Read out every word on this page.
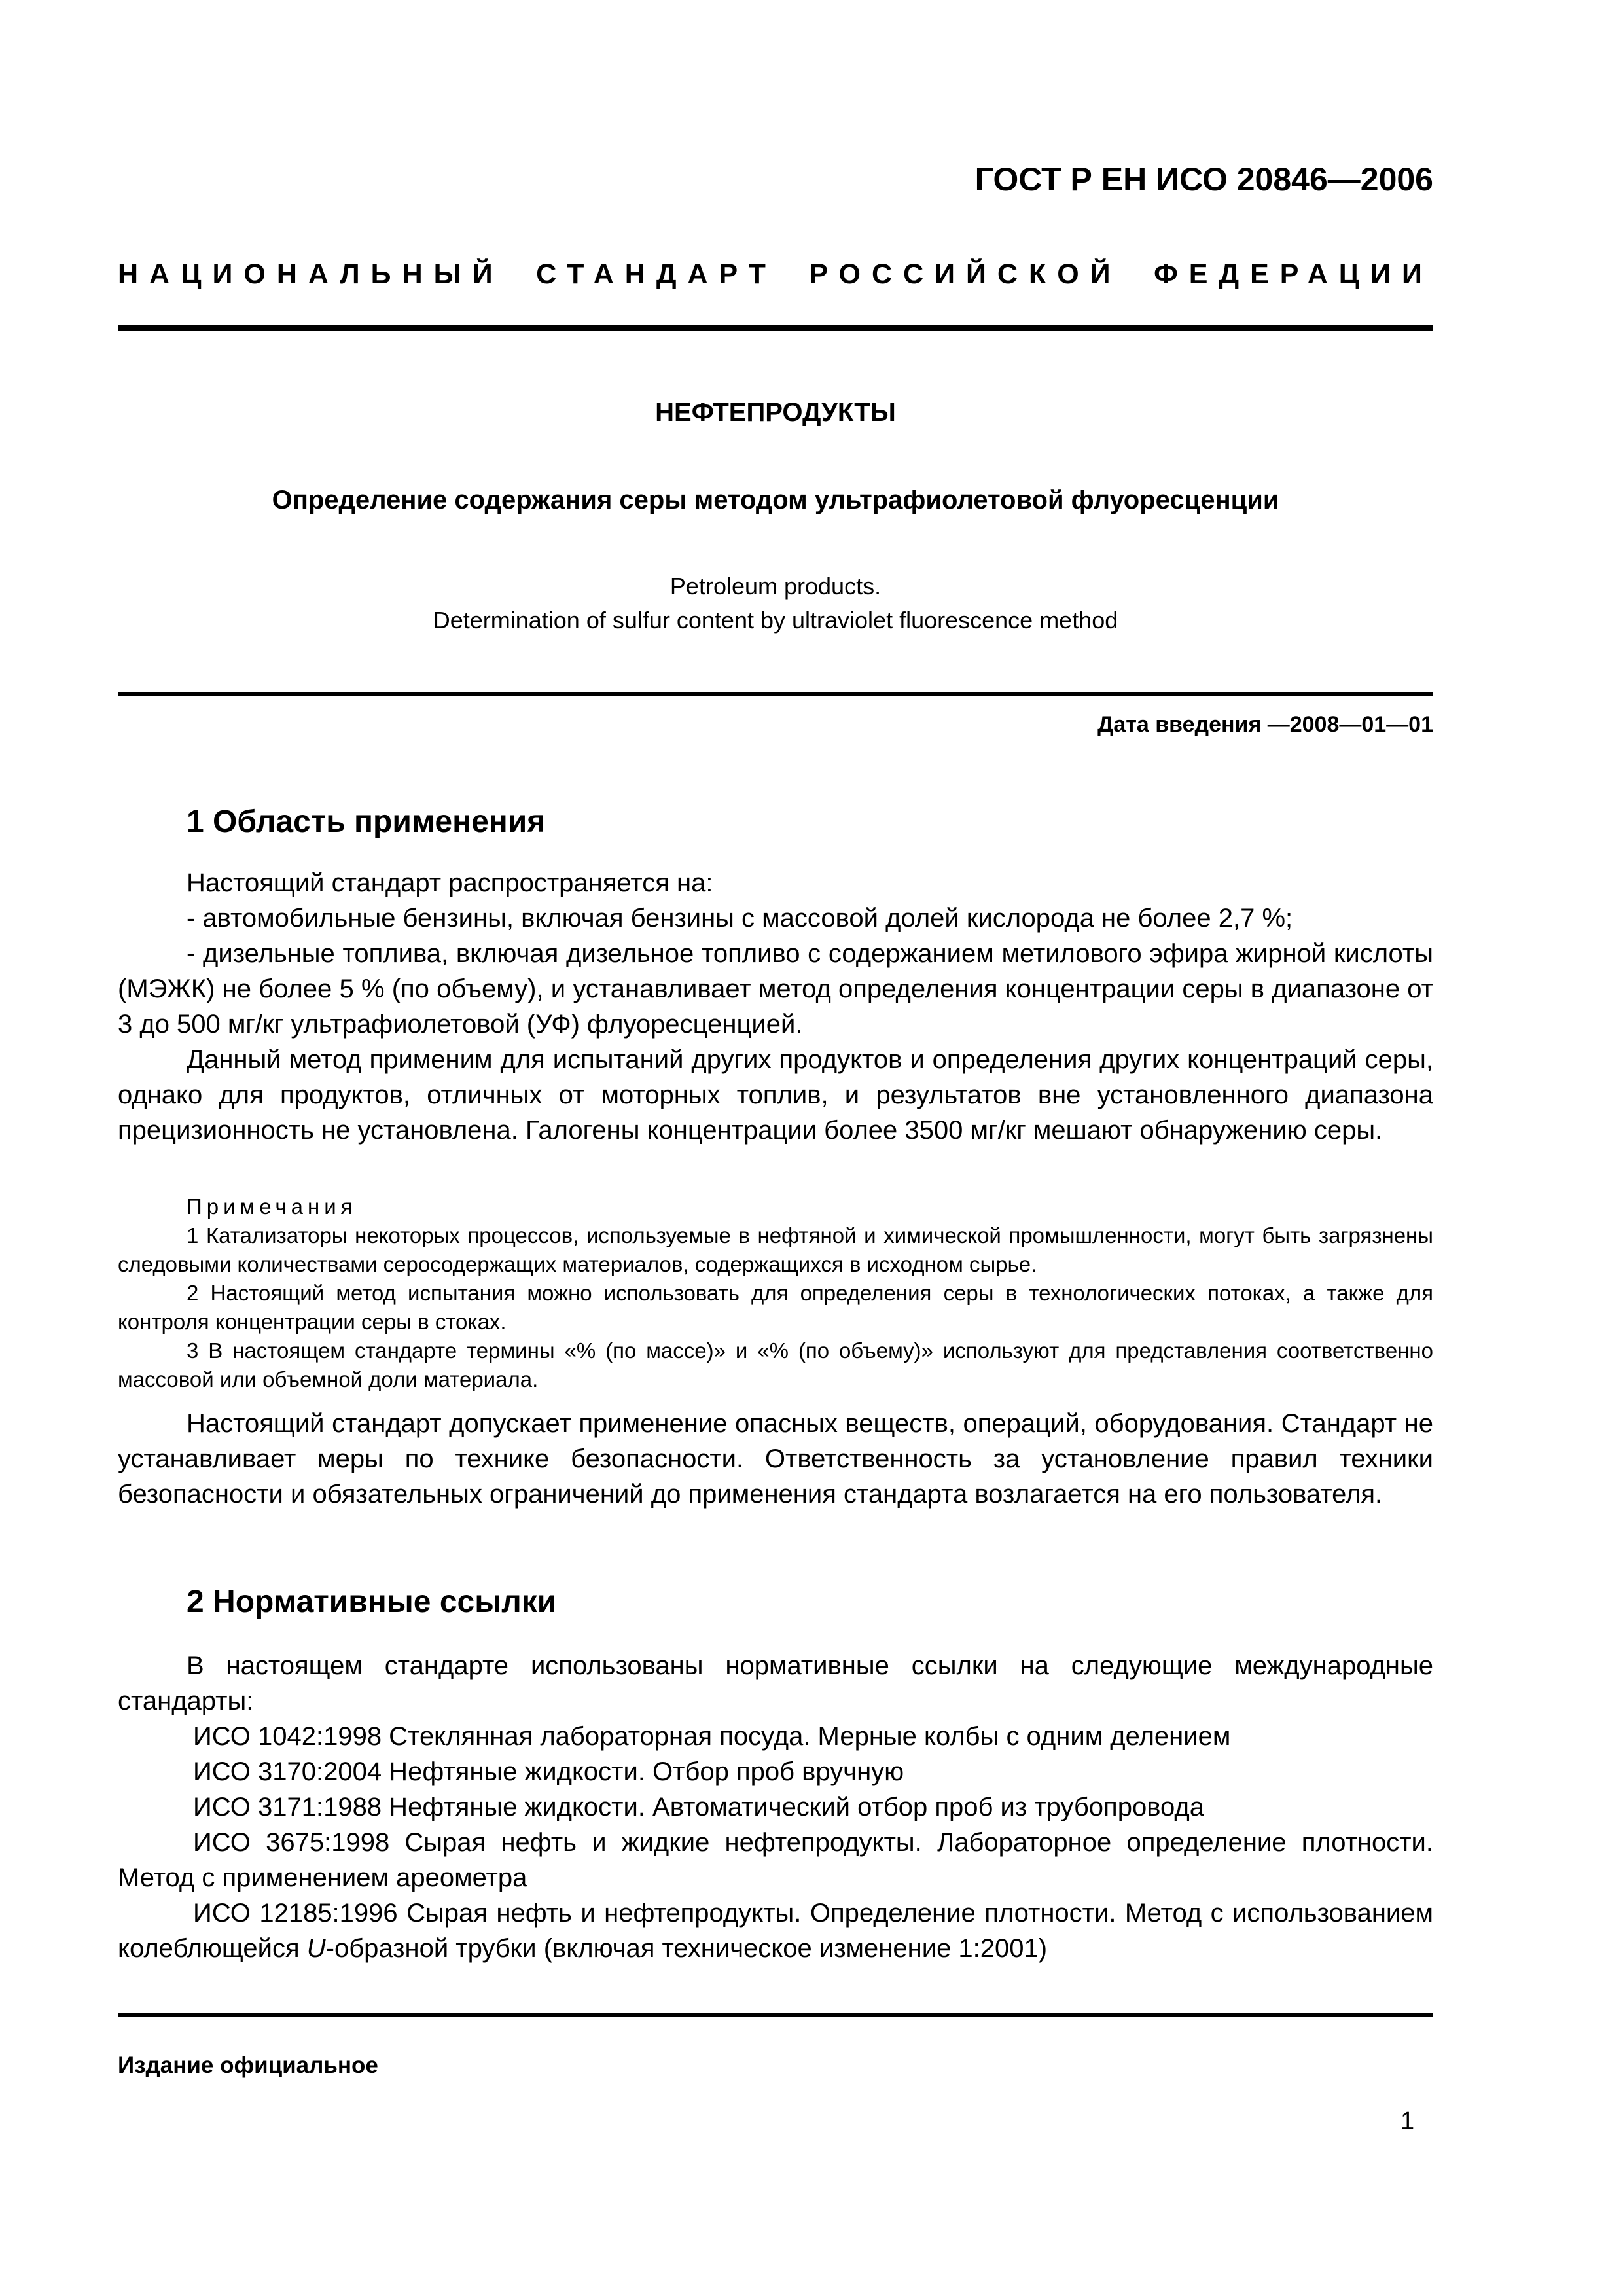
ГОСТ Р ЕН ИСО 20846—2006
НАЦИОНАЛЬНЫЙ СТАНДАРТ РОССИЙСКОЙ ФЕДЕРАЦИИ
НЕФТЕПРОДУКТЫ
Определение содержания серы методом ультрафиолетовой флуоресценции
Petroleum products.
Determination of sulfur content by ultraviolet fluorescence method
Дата введения —2008—01—01
1 Область применения

Настоящий стандарт распространяется на:

- автомобильные бензины, включая бензины с массовой долей кислорода не более 2,7 %;

- дизельные топлива, включая дизельное топливо с содержанием метилового эфира жирной кислоты (МЭЖК) не более 5 % (по объему), и устанавливает метод определения концентрации серы в диапазоне от 3 до 500 мг/кг ультрафиолетовой (УФ) флуоресценцией.

Данный метод применим для испытаний других продуктов и определения других концентраций серы, однако для продуктов, отличных от моторных топлив, и результатов вне установленного диапазона прецизионность не установлена. Галогены концентрации более 3500 мг/кг мешают обнаружению серы.

Примечания

1 Катализаторы некоторых процессов, используемые в нефтяной и химической промышленности, могут быть загрязнены следовыми количествами серосодержащих материалов, содержащихся в исходном сырье.

2 Настоящий метод испытания можно использовать для определения серы в технологических потоках, а также для контроля концентрации серы в стоках.

3 В настоящем стандарте термины «% (по массе)» и «% (по объему)» используют для представления соответственно массовой или объемной доли материала.

Настоящий стандарт допускает применение опасных веществ, операций, оборудования. Стандарт не устанавливает меры по технике безопасности. Ответственность за установление правил техники безопасности и обязательных ограничений до применения стандарта возлагается на его пользователя.

2 Нормативные ссылки

В настоящем стандарте использованы нормативные ссылки на следующие международные стандарты:

ИСО 1042:1998 Стеклянная лабораторная посуда. Мерные колбы с одним делением

ИСО 3170:2004 Нефтяные жидкости. Отбор проб вручную

ИСО 3171:1988 Нефтяные жидкости. Автоматический отбор проб из трубопровода

ИСО 3675:1998 Сырая нефть и жидкие нефтепродукты. Лабораторное определение плотности. Метод с применением ареометра

ИСО 12185:1996 Сырая нефть и нефтепродукты. Определение плотности. Метод с использованием колеблющейся U-образной трубки (включая техническое изменение 1:2001)

Издание официальное
1
